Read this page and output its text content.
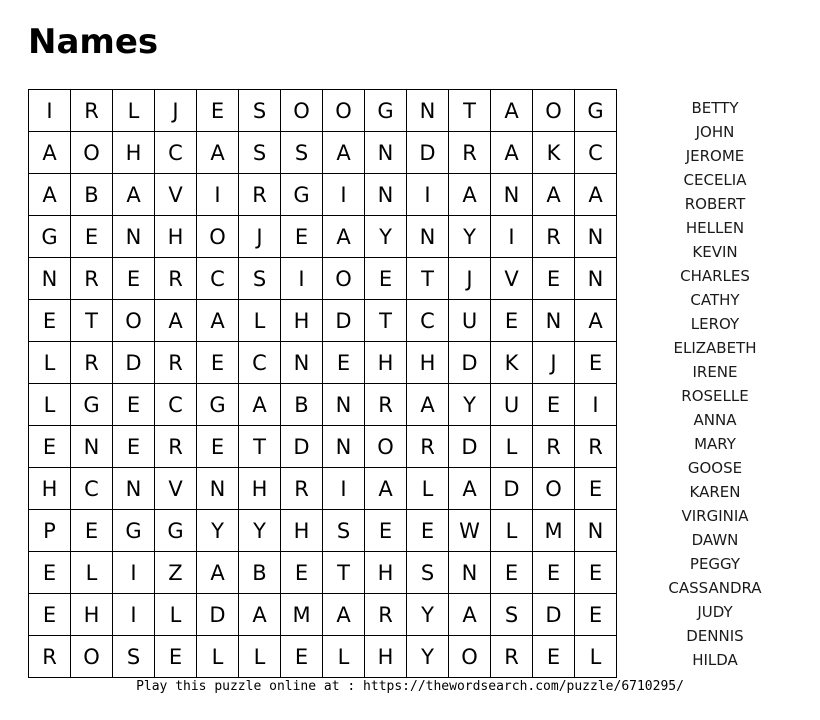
Names
I	R	L	J	E	S	O	O	G	N	T	A	O	G
A	O	H	C	A	S	S	A	N	D	R	A	K	C
A	B	A	V	I	R	G	I	N	I	A	N	A	A
G	E	N	H	O	J	E	A	Y	N	Y	I	R	N
N	R	E	R	C	S	I	O	E	T	J	V	E	N
E	T	O	A	A	L	H	D	T	C	U	E	N	A
L	R	D	R	E	C	N	E	H	H	D	K	J	E
L	G	E	C	G	A	B	N	R	A	Y	U	E	I
E	N	E	R	E	T	D	N	O	R	D	L	R	R
H	C	N	V	N	H	R	I	A	L	A	D	O	E
P	E	G	G	Y	Y	H	S	E	E	W	L	M	N
E	L	I	Z	A	B	E	T	H	S	N	E	E	E
E	H	I	L	D	A	M	A	R	Y	A	S	D	E
R	O	S	E	L	L	E	L	H	Y	O	R	E	L
BETTY
JOHN
JEROME
CECELIA
ROBERT
HELLEN
KEVIN
CHARLES
CATHY
LEROY
ELIZABETH
IRENE
ROSELLE
ANNA
MARY
GOOSE
KAREN
VIRGINIA
DAWN
PEGGY
CASSANDRA
JUDY
DENNIS
HILDA
Play this puzzle online at : https://thewordsearch.com/puzzle/6710295/
